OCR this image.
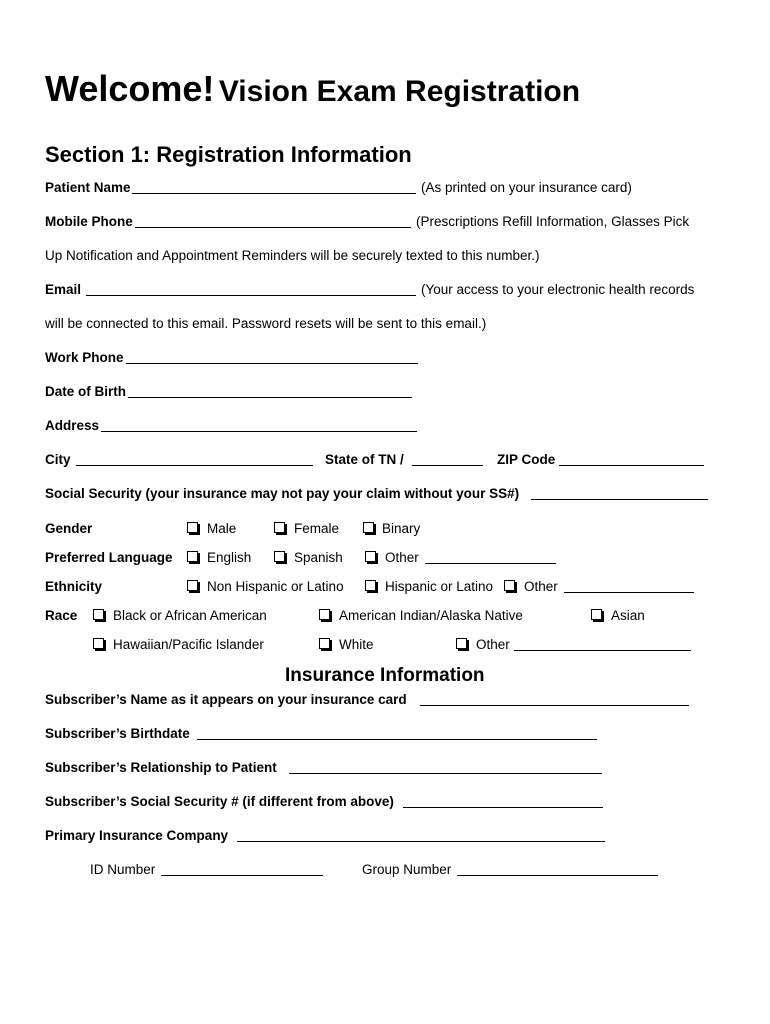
Welcome! Vision Exam Registration
Section 1: Registration Information
Patient Name	(As printed on your insurance card)
Mobile Phone	(Prescriptions Refill Information, Glasses Pick
Up Notification and Appointment Reminders will be securely texted to this number.)
Email	(Your access to your electronic health records
will be connected to this email. Password resets will be sent to this email.)
Work Phone
Date of Birth
Address
City	State of TN /	ZIP Code
Social Security (your insurance may not pay your claim without your SS#)
Gender	Male	Female	Binary
Preferred Language	English	Spanish	Other
Ethnicity	Non Hispanic or Latino	Hispanic or Latino Other
Race	Black or African American	American Indian/Alaska Native	Asian
Hawaiian/Pacific Islander	White	Other
Insurance Information
Subscriber’s Name as it appears on your insurance card
Subscriber’s Birthdate
Subscriber’s Relationship to Patient
Subscriber’s Social Security # (if different from above)
Primary Insurance Company
ID Number	Group Number
